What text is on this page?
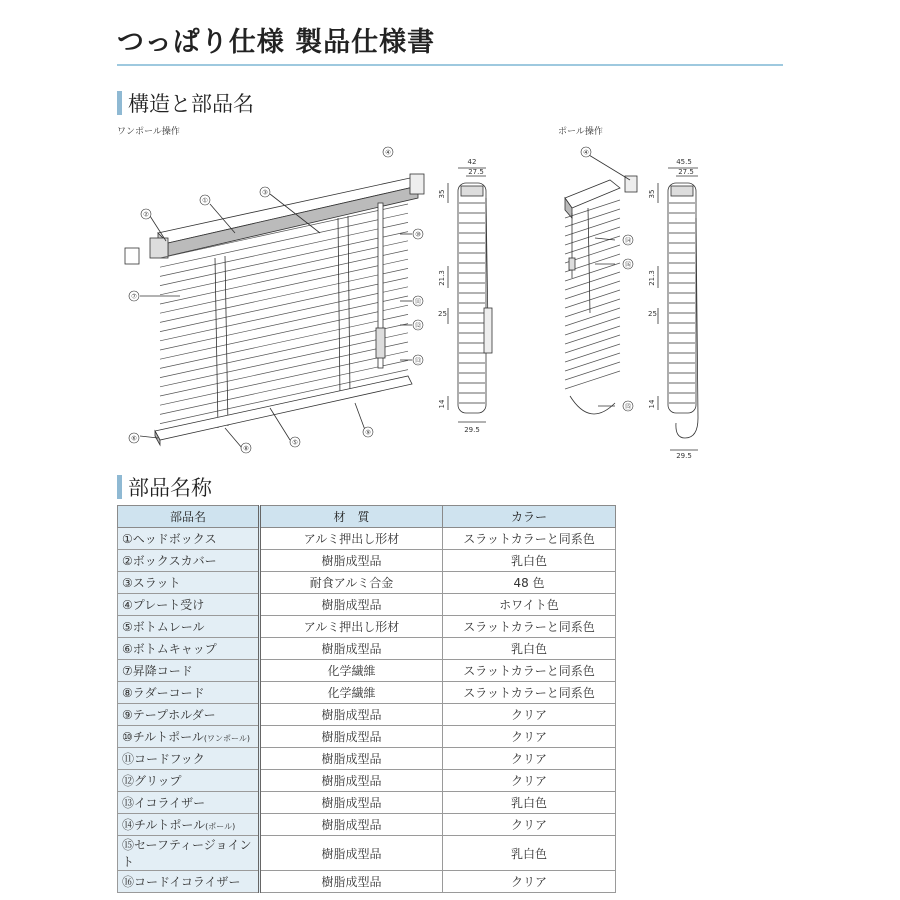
つっぱり仕様 製品仕様書
構造と部品名
ワンポール操作	ポール操作
①
②
③
④
⑤
⑥
⑦
⑧
⑨
⑩
⑪
⑫
⑬
42
27.5
35
21.3
25
14
29.5
④
⑭
⑯
⑮
45.5
27.5
35
21.3
25
14
29.5
部品名称
部品名	材　質	カラー
①ヘッドボックス	アルミ押出し形材	スラットカラーと同系色
②ボックスカバー	樹脂成型品	乳白色
③スラット	耐食アルミ合金	48 色
④プレート受け	樹脂成型品	ホワイト色
⑤ボトムレール	アルミ押出し形材	スラットカラーと同系色
⑥ボトムキャップ	樹脂成型品	乳白色
⑦昇降コード	化学繊維	スラットカラーと同系色
⑧ラダーコード	化学繊維	スラットカラーと同系色
⑨テープホルダー	樹脂成型品	クリア
⑩チルトポール(ワンポール)	樹脂成型品	クリア
⑪コードフック	樹脂成型品	クリア
⑫グリップ	樹脂成型品	クリア
⑬イコライザー	樹脂成型品	乳白色
⑭チルトポール(ポール)	樹脂成型品	クリア
⑮セーフティージョイント	樹脂成型品	乳白色
⑯コードイコライザー	樹脂成型品	クリア
